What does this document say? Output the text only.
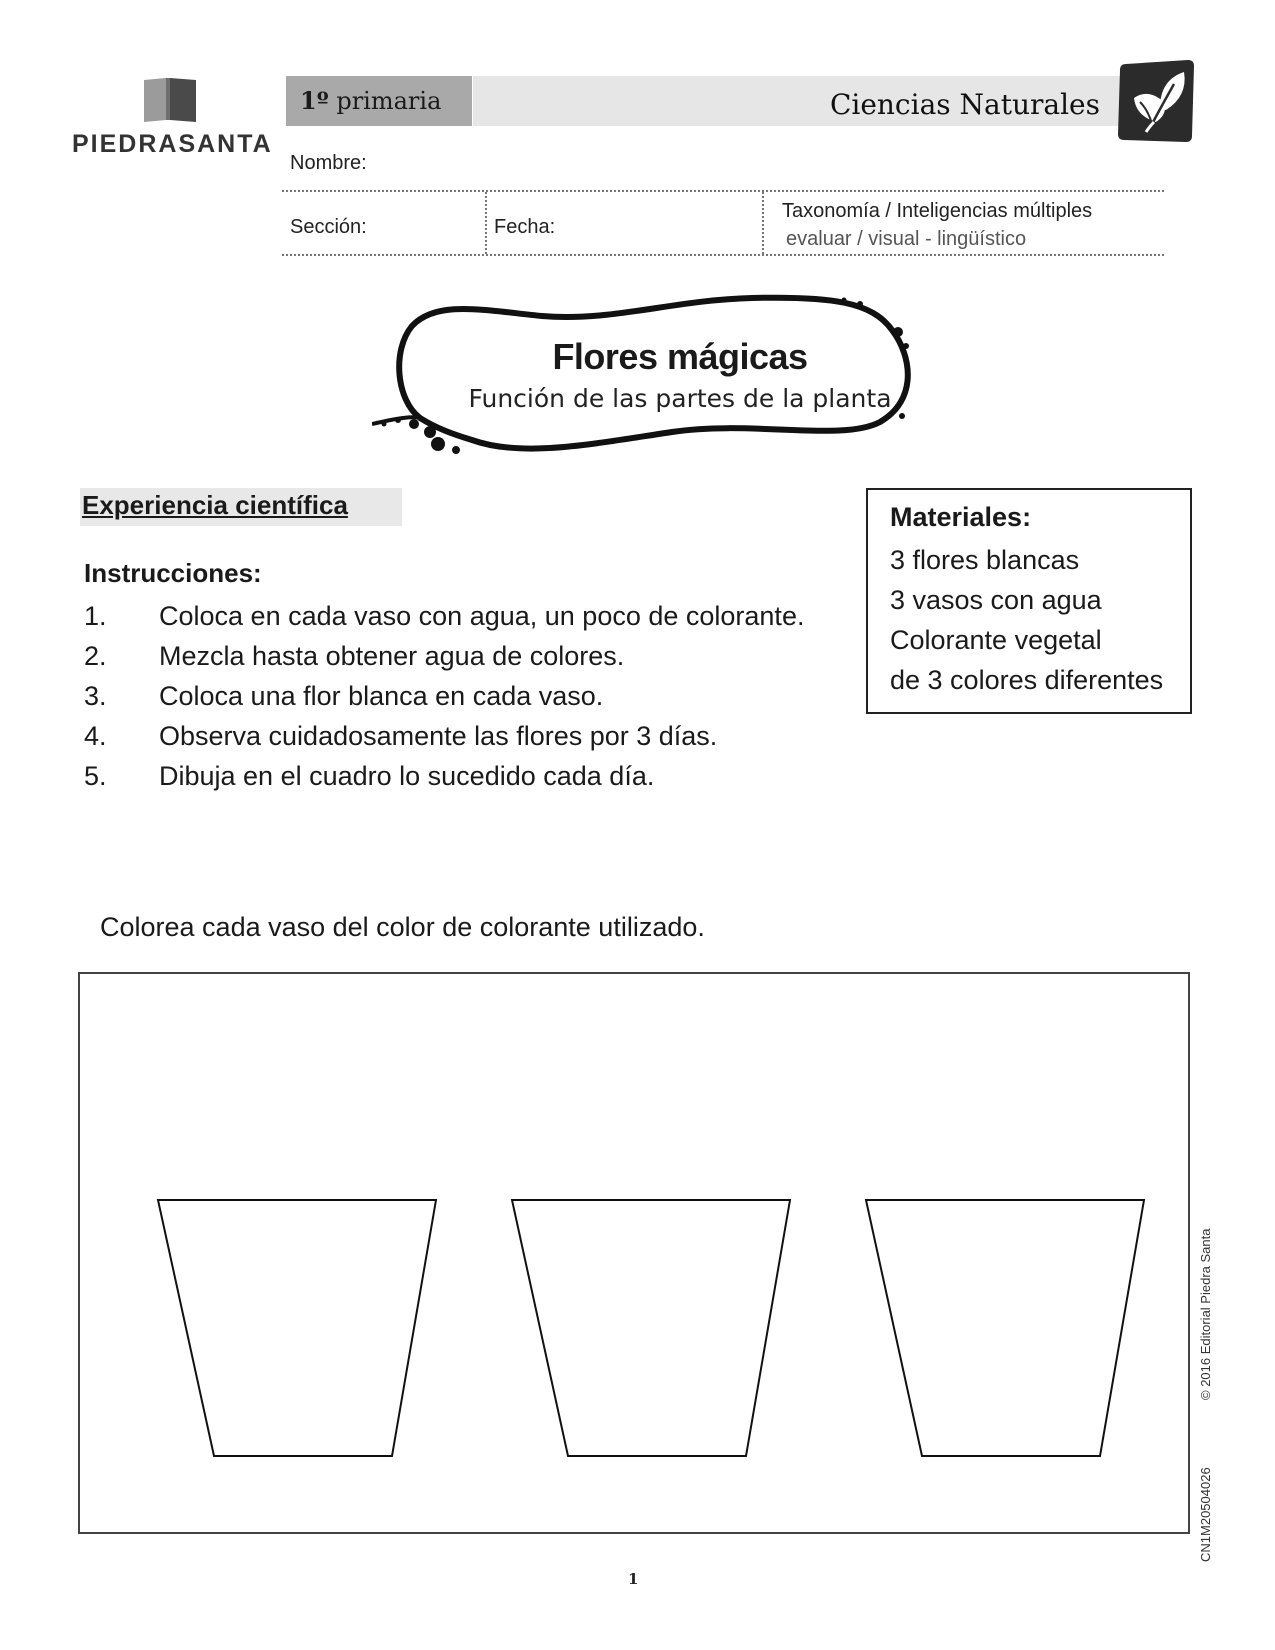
PIEDRASANTA
1º primaria	Ciencias Naturales
Nombre:
Sección:	Fecha:
Taxonomía / Inteligencias múltiples
evaluar / visual - lingüístico
Flores mágicas
Función de las partes de la planta
Experiencia científica
Instrucciones:
1.	Coloca en cada vaso con agua, un poco de colorante.
2.	Mezcla hasta obtener agua de colores.
3.	Coloca una flor blanca en cada vaso.
4.	Observa cuidadosamente las flores por 3 días.
5.	Dibuja en el cuadro lo sucedido cada día.
Materiales:
3 flores blancas
3 vasos con agua
Colorante vegetal
de 3 colores diferentes
Colorea cada vaso del color de colorante utilizado.
© 2016 Editorial Piedra Santa
CN1M20504026
1
